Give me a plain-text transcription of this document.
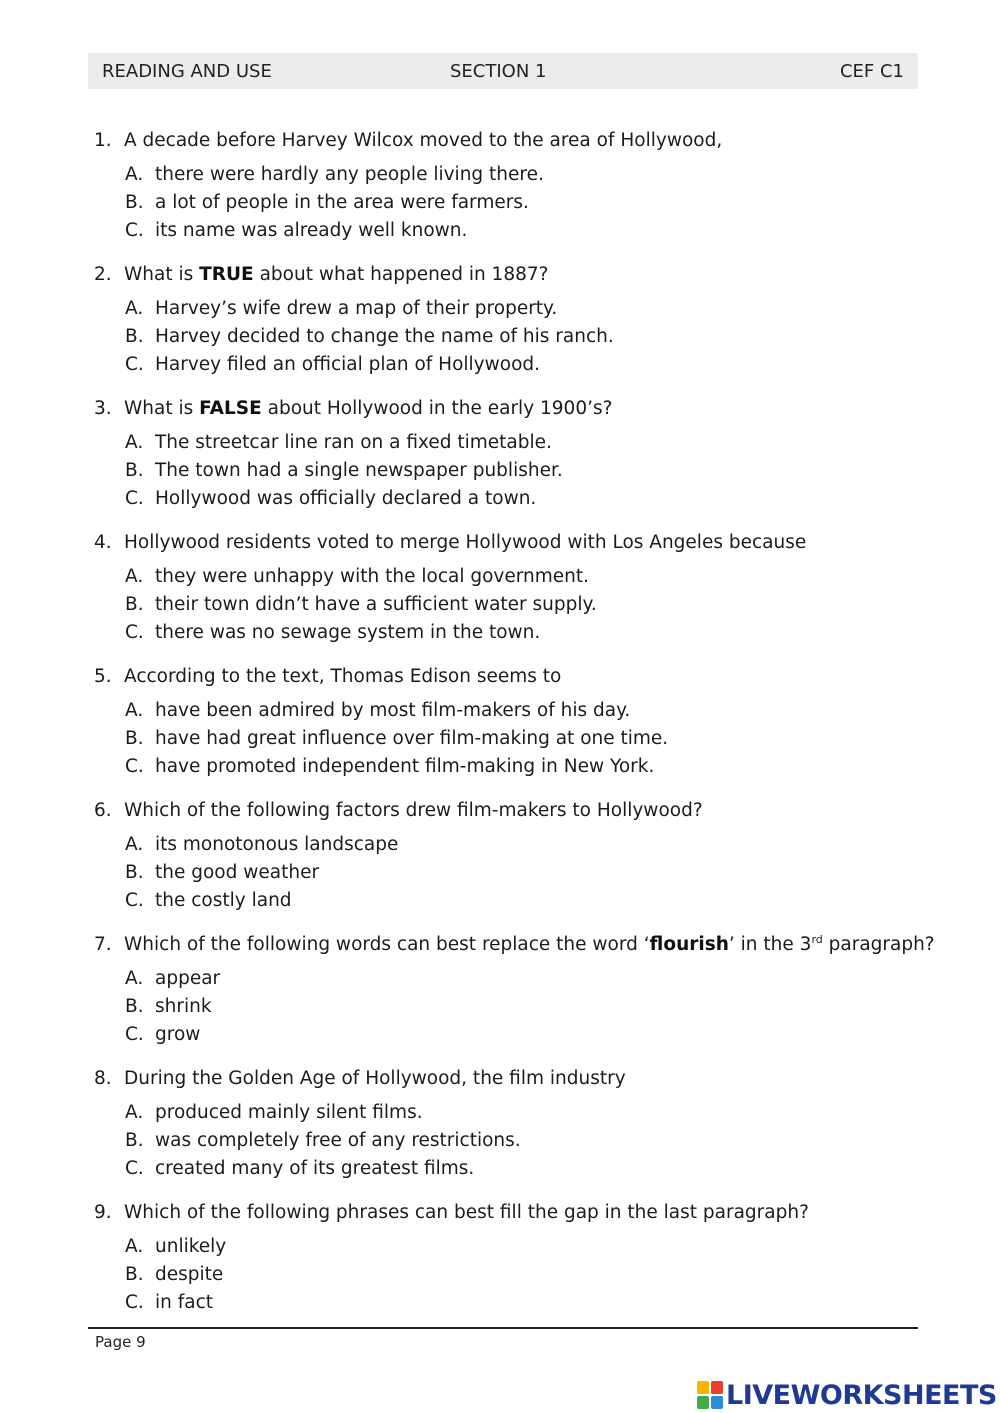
READING AND USE	SECTION 1	CEF C1
1. A decade before Harvey Wilcox moved to the area of Hollywood,
A. there were hardly any people living there.
B. a lot of people in the area were farmers.
C. its name was already well known.
2. What is TRUE about what happened in 1887?
A. Harvey’s wife drew a map of their property.
B. Harvey decided to change the name of his ranch.
C. Harvey filed an official plan of Hollywood.
3. What is FALSE about Hollywood in the early 1900’s?
A. The streetcar line ran on a fixed timetable.
B. The town had a single newspaper publisher.
C. Hollywood was officially declared a town.
4. Hollywood residents voted to merge Hollywood with Los Angeles because
A. they were unhappy with the local government.
B. their town didn’t have a sufficient water supply.
C. there was no sewage system in the town.
5. According to the text, Thomas Edison seems to
A. have been admired by most film-makers of his day.
B. have had great influence over film-making at one time.
C. have promoted independent film-making in New York.
6. Which of the following factors drew film-makers to Hollywood?
A. its monotonous landscape
B. the good weather
C. the costly land
7. Which of the following words can best replace the word ‘flourish’ in the 3rd paragraph?
A. appear
B. shrink
C. grow
8. During the Golden Age of Hollywood, the film industry
A. produced mainly silent films.
B. was completely free of any restrictions.
C. created many of its greatest films.
9. Which of the following phrases can best fill the gap in the last paragraph?
A. unlikely
B. despite
C. in fact
Page 9
LIVEWORKSHEETS
